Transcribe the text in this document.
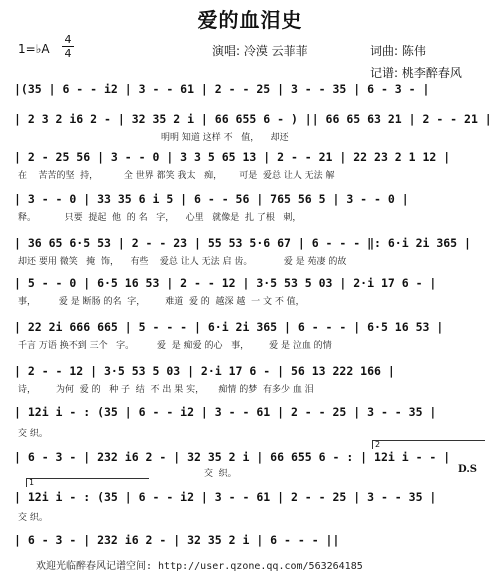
爱的血泪史
1=♭A
4
4	演唱: 冷漠 云菲菲	词曲: 陈伟
记谱: 桃李醉春风
|(35 | 6 - - i2 | 3 - - 61 | 2 - - 25 | 3 - - 35 | 6 - 3 - |
| 2 3 2 i6 2 - | 32 35 2 i | 66 655 6 - ) || 66 65 63 21 | 2 - - 21 |
明明 知道 这样 不   值，    却还
| 2 - 25 56 | 3 - - 0 | 3 3 5 65 13 | 2 - - 21 | 22 23 2 1 12 |
在    苦苦的坚  持，         全 世界 都笑 我太   痴，      可是  爱总 让人 无法 解
| 3 - - 0 | 33 35 6 i 5 | 6 - - 56 | 765 56 5 | 3 - - 0 |
释。          只要  提起  他  的 名   字，    心里   就像是  扎 了根   刺，
| 36 65 6·5 53 | 2 - - 23 | 55 53 5·6 67 | 6 - - - ‖: 6·i 2i 365 |
却还 要用 微笑   掩  饰，    有些    爱总 让人 无法 启 齿。           爱 是 苑凄 的故
| 5 - - 0 | 6·5 16 53 | 2 - - 12 | 3·5 53 5 03 | 2·i 17 6 - |
事，        爱 是 断肠 的名  字，       难道  爱 的  越深 越  一 文 不 值，
| 22 2i 666 665 | 5 - - - | 6·i 2i 365 | 6 - - - | 6·5 16 53 |
千言 万语 换不到 三个   字。        爱  是 痴爱 的心   事，       爱 是 泣血 的情
| 2 - - 12 | 3·5 53 5 03 | 2·i 17 6 - | 56 13 222 166 |
诗，       为何  爱 的   种 子  结  不 出 果 实，     痴情 的梦  有多少 血 泪
| 12i i - : (35 | 6 - - i2 | 3 - - 61 | 2 - - 25 | 3 - - 35 |
交 织。
2
| 6 - 3 - | 232 i6 2 - | 32 35 2 i | 66 655 6 - : | 12i i - - |
交  织。	D.S
1
| 12i i - : (35 | 6 - - i2 | 3 - - 61 | 2 - - 25 | 3 - - 35 |
交 织。
| 6 - 3 - | 232 i6 2 - | 32 35 2 i | 6 - - - ||
欢迎光临醉春风记谱空间: http://user.qzone.qq.com/563264185
